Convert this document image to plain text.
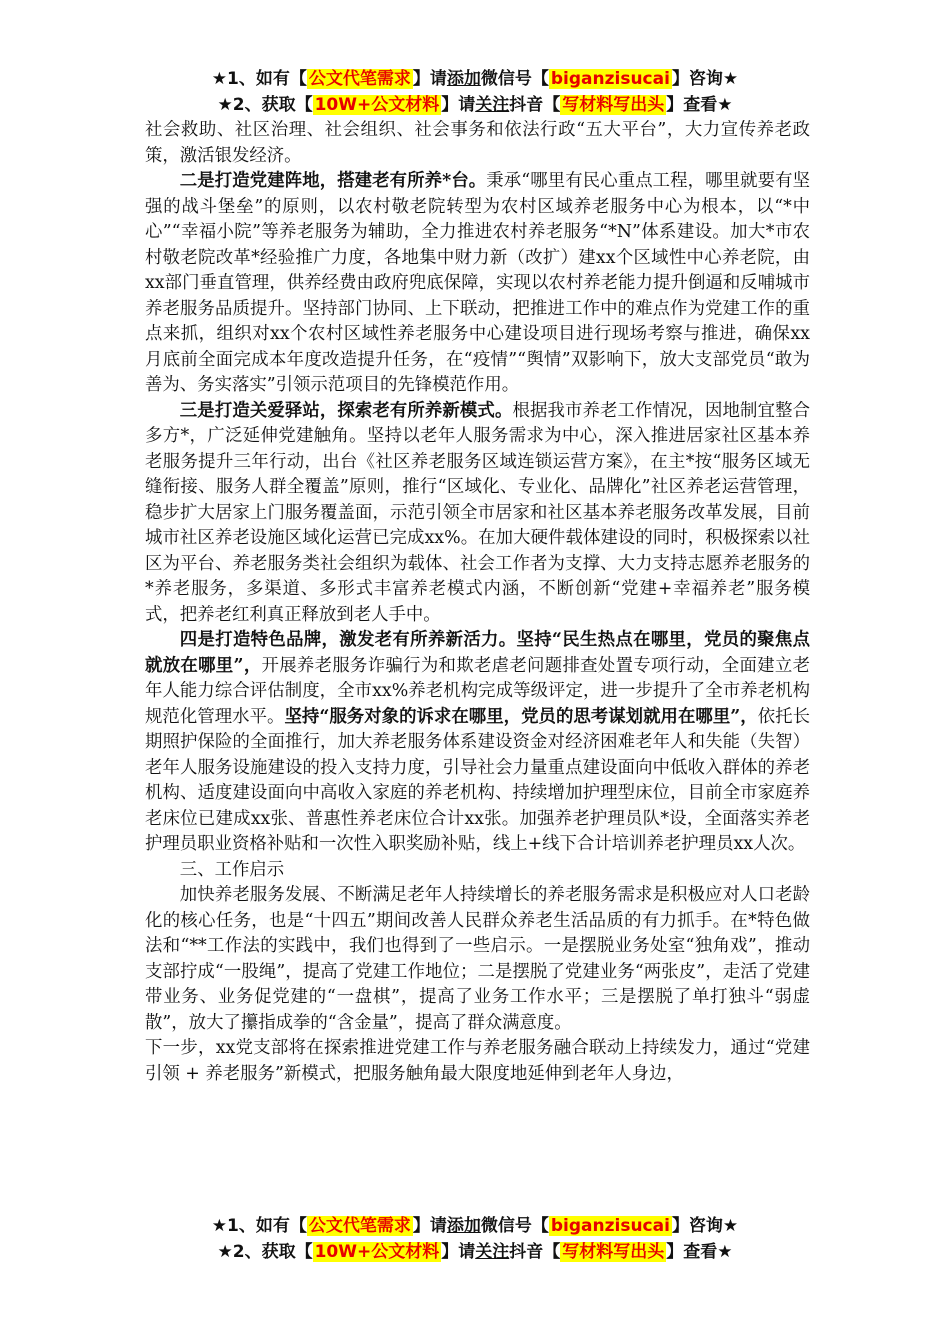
★1、如有【 公文代笔需求 】请添加微信号【 biganzisucai 】咨询★
★2、获取【 10W+公文材料 】请关注抖音【 写材料写出头 】查看★

社会救助、社区治理、社会组织、社会事务和依法行政“五大平台”，大力宣传养老政策，激活银发经济。

二是打造党建阵地，搭建老有所养*台。秉承“哪里有民心重点工程，哪里就要有坚强的战斗堡垒”的原则，以农村敬老院转型为农村区域养老服务中心为根本，以“*中心”“幸福小院”等养老服务为辅助，全力推进农村养老服务“*N”体系建设。加大*市农村敬老院改革*经验推广力度，各地集中财力新（改扩）建xx个区域性中心养老院，由xx部门垂直管理，供养经费由政府兜底保障，实现以农村养老能力提升倒逼和反哺城市养老服务品质提升。坚持部门协同、上下联动，把推进工作中的难点作为党建工作的重点来抓，组织对xx个农村区域性养老服务中心建设项目进行现场考察与推进，确保xx月底前全面完成本年度改造提升任务，在“疫情”“舆情”双影响下，放大支部党员“敢为善为、务实落实”引领示范项目的先锋模范作用。

三是打造关爱驿站，探索老有所养新模式。根据我市养老工作情况，因地制宜整合多方*，广泛延伸党建触角。坚持以老年人服务需求为中心，深入推进居家社区基本养老服务提升三年行动，出台《社区养老服务区域连锁运营方案》，在主*按“服务区域无缝衔接、服务人群全覆盖”原则，推行“区域化、专业化、品牌化”社区养老运营管理，稳步扩大居家上门服务覆盖面，示范引领全市居家和社区基本养老服务改革发展，目前城市社区养老设施区域化运营已完成xx%。在加大硬件载体建设的同时，积极探索以社区为平台、养老服务类社会组织为载体、社会工作者为支撑、大力支持志愿养老服务的*养老服务，多渠道、多形式丰富养老模式内涵，不断创新“党建+幸福养老”服务模式，把养老红利真正释放到老人手中。

四是打造特色品牌，激发老有所养新活力。坚持“民生热点在哪里，党员的聚焦点就放在哪里”，开展养老服务诈骗行为和欺老虐老问题排查处置专项行动，全面建立老年人能力综合评估制度，全市xx%养老机构完成等级评定，进一步提升了全市养老机构规范化管理水平。坚持“服务对象的诉求在哪里，党员的思考谋划就用在哪里”，依托长期照护保险的全面推行，加大养老服务体系建设资金对经济困难老年人和失能（失智）老年人服务设施建设的投入支持力度，引导社会力量重点建设面向中低收入群体的养老机构、适度建设面向中高收入家庭的养老机构、持续增加护理型床位，目前全市家庭养老床位已建成xx张、普惠性养老床位合计xx张。加强养老护理员队*设，全面落实养老护理员职业资格补贴和一次性入职奖励补贴，线上+线下合计培训养老护理员xx人次。

三、工作启示

加快养老服务发展、不断满足老年人持续增长的养老服务需求是积极应对人口老龄化的核心任务，也是“十四五”期间改善人民群众养老生活品质的有力抓手。在*特色做法和“**工作法的实践中，我们也得到了一些启示。一是摆脱业务处室“独角戏”，推动支部拧成“一股绳”，提高了党建工作地位；二是摆脱了党建业务“两张皮”，走活了党建带业务、业务促党建的“一盘棋”，提高了业务工作水平；三是摆脱了单打独斗“弱虚散”，放大了攥指成拳的“含金量”，提高了群众满意度。

下一步，xx党支部将在探索推进党建工作与养老服务融合联动上持续发力，通过“党建引领 + 养老服务”新模式，把服务触角最大限度地延伸到老年人身边，

★1、如有【 公文代笔需求 】请添加微信号【 biganzisucai 】咨询★
★2、获取【 10W+公文材料 】请关注抖音【 写材料写出头 】查看★
